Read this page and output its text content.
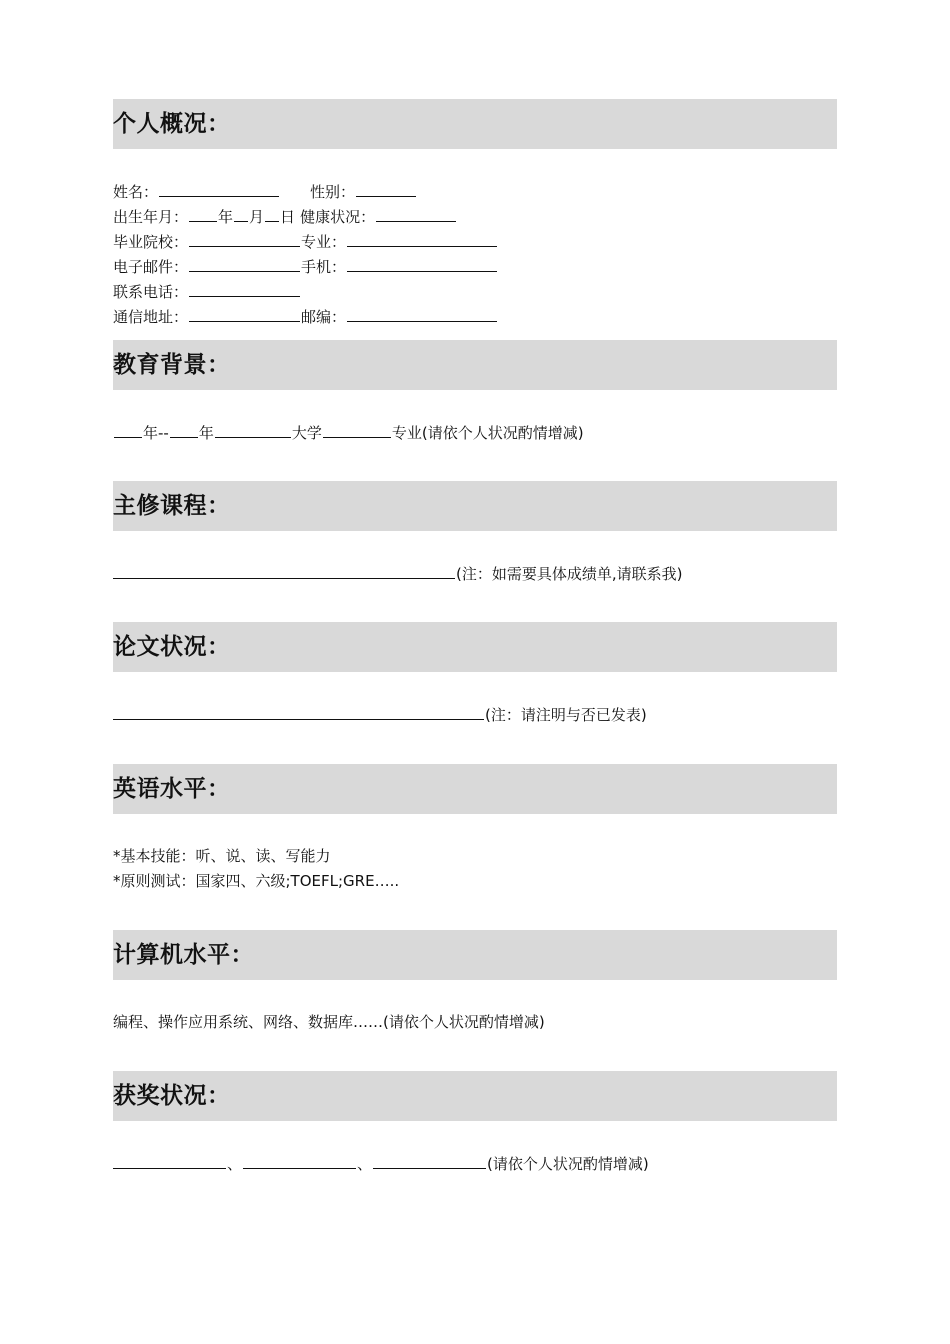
个人概况：
姓名：	性别：
出生年月： 年 月 日 健康状况：
毕业院校：	专业：
电子邮件：	手机：
联系电话：
通信地址：	邮编：
教育背景：
年-- 年	大学	专业(请依个人状况酌情增减)
主修课程：
(注：如需要具体成绩单,请联系我)
论文状况：
(注：请注明与否已发表)
英语水平：
*基本技能：听、说、读、写能力
*原则测试：国家四、六级;TOEFL;GRE…..
计算机水平：
编程、操作应用系统、网络、数据库……(请依个人状况酌情增减)
获奖状况：
、	、	(请依个人状况酌情增减)
